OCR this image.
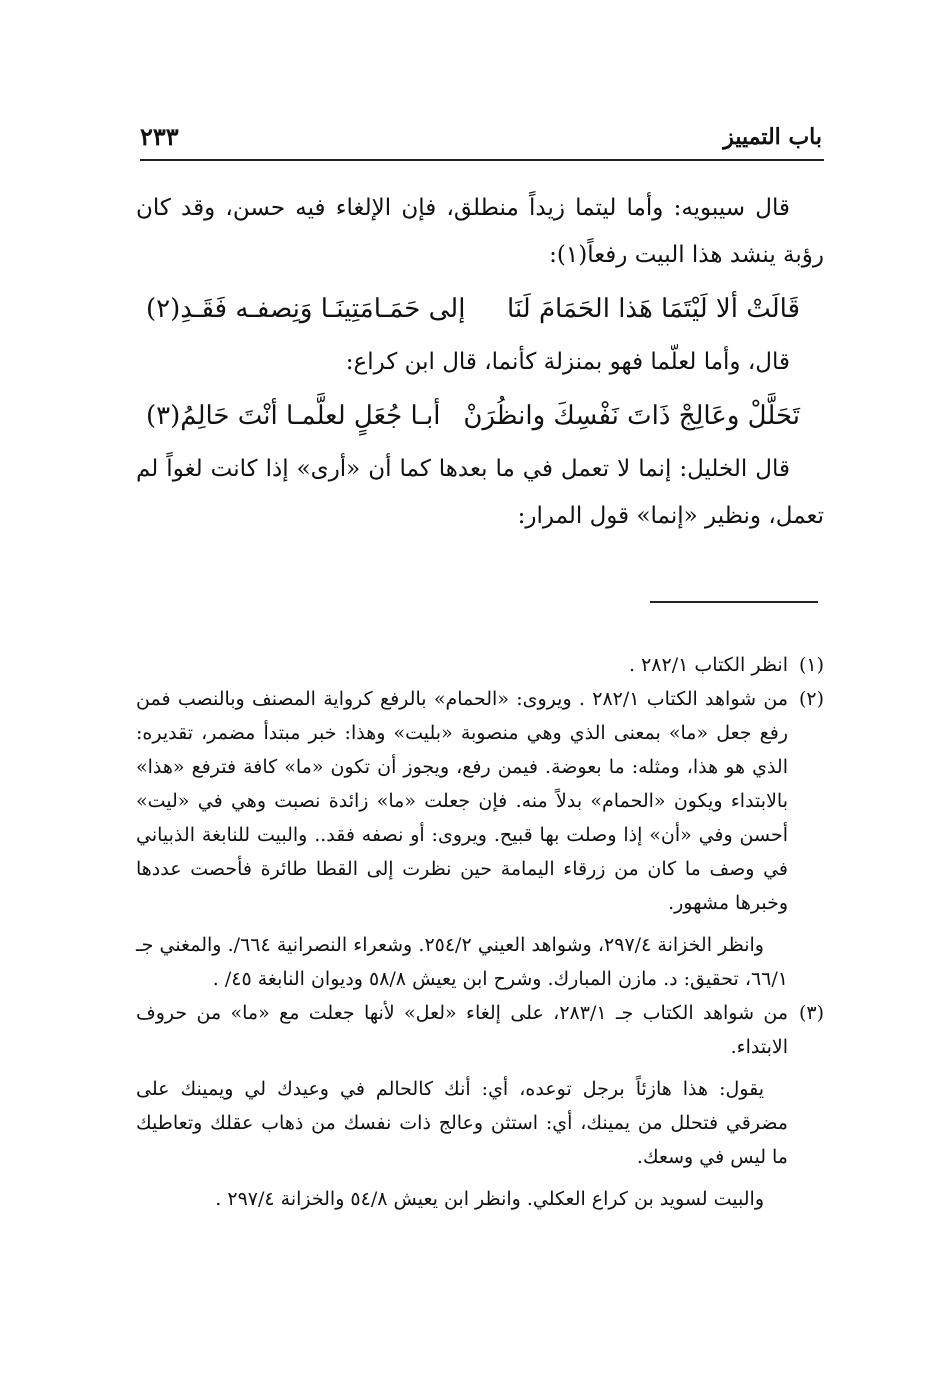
باب التمييز
٢٣٣

قال سيبويه: وأما ليتما زيداً منطلق، فإن الإلغاء فيه حسن، وقد كان رؤبة ينشد هذا البيت رفعاً(١):

قَالَتْ ألا لَيْتَمَا هَذا الحَمَامَ لَنَا
إلى حَمَـامَتِينَـا وَنِصفـه فَقَـدِ(٢)

قال، وأما لعلّما فهو بمنزلة كأنما، قال ابن كراع:

تَحَلَّلْ وعَالِجْ ذَاتَ نَفْسِكَ وانظُرَنْ
أبـا جُعَلٍ لعلَّمـا أنْتَ حَالِمُ(٣)

قال الخليل: إنما لا تعمل في ما بعدها كما أن «أرى» إذا كانت لغواً لم تعمل، ونظير «إنما» قول المرار:

(١)انظر الكتاب ٢٨٢/١ .

(٢)من شواهد الكتاب ٢٨٢/١ . ويروى: «الحمام» بالرفع كرواية المصنف وبالنصب فمن رفع جعل «ما» بمعنى الذي وهي منصوبة «بليت» وهذا: خبر مبتدأ مضمر، تقديره: الذي هو هذا، ومثله: ما بعوضة. فيمن رفع، ويجوز أن تكون «ما» كافة فترفع «هذا» بالابتداء ويكون «الحمام» بدلاً منه. فإن جعلت «ما» زائدة نصبت وهي في «ليت» أحسن وفي «أن» إذا وصلت بها قبيح. ويروى: أو نصفه فقد.. والبيت للنابغة الذبياني في وصف ما كان من زرقاء اليمامة حين نظرت إلى القطا طائرة فأحصت عددها وخبرها مشهور.

وانظر الخزانة ٢٩٧/٤، وشواهد العيني ٢٥٤/٢. وشعراء النصرانية ٦٦٤/. والمغني جـ ٦٦/١، تحقيق: د. مازن المبارك. وشرح ابن يعيش ٥٨/٨ وديوان النابغة ٤٥/ .

(٣)من شواهد الكتاب جـ ٢٨٣/١، على إلغاء «لعل» لأنها جعلت مع «ما» من حروف الابتداء.

يقول: هذا هازئاً برجل توعده، أي: أنك كالحالم في وعيدك لي ويمينك على مضرقي فتحلل من يمينك، أي: استثن وعالج ذات نفسك من ذهاب عقلك وتعاطيك ما ليس في وسعك.

والبيت لسويد بن كراع العكلي. وانظر ابن يعيش ٥٤/٨ والخزانة ٢٩٧/٤ .
